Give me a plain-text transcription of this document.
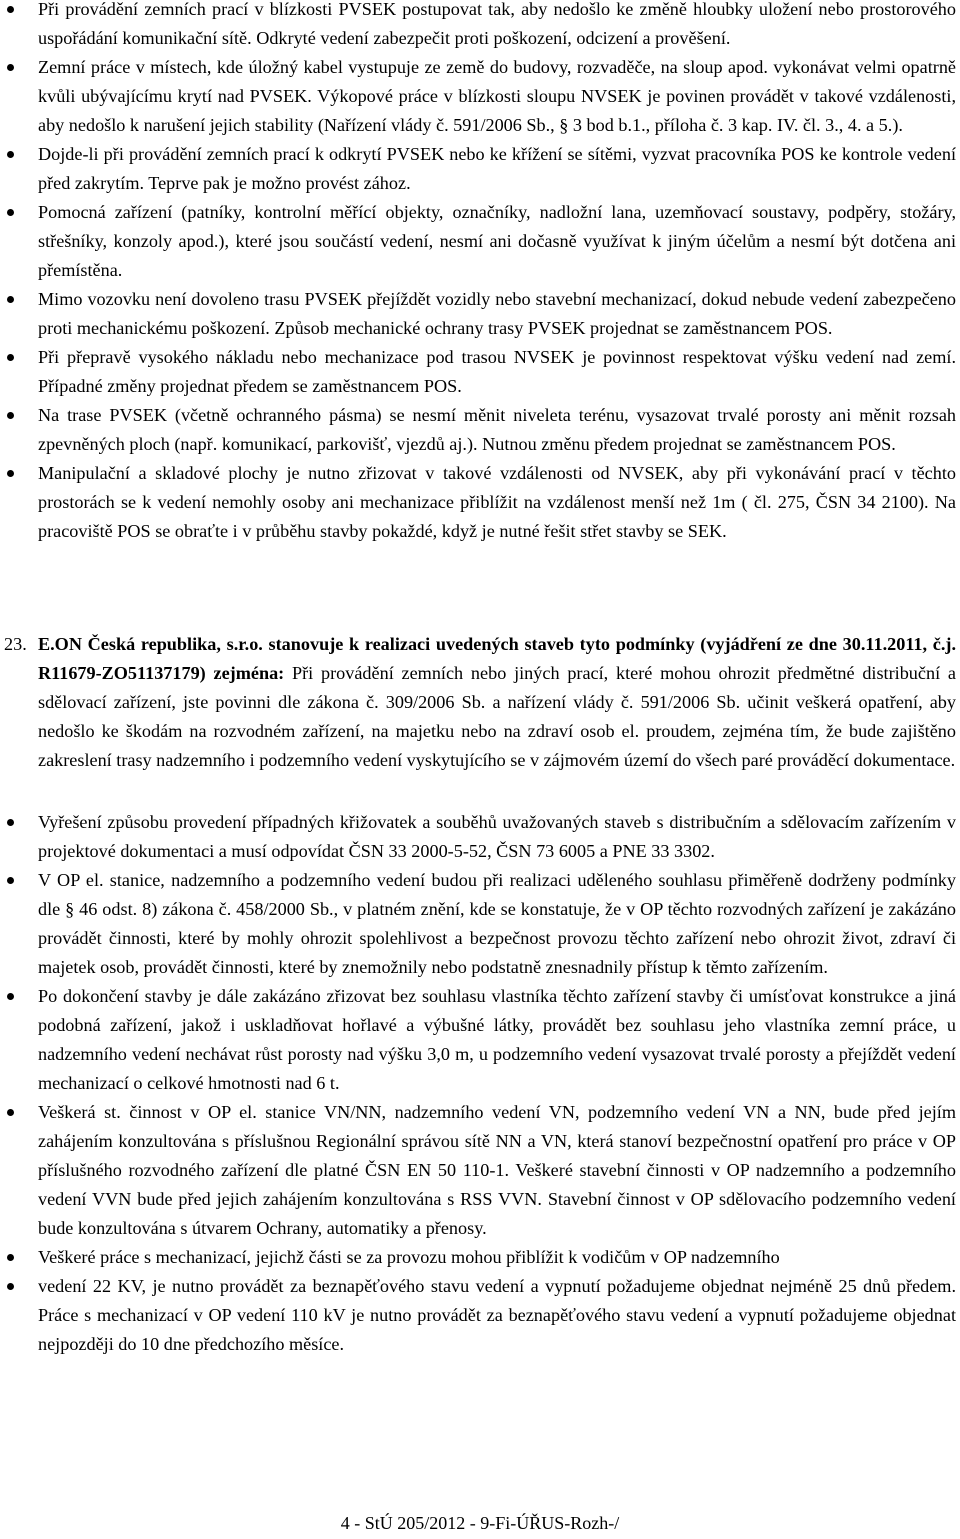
Při provádění zemních prací v blízkosti PVSEK postupovat tak, aby nedošlo ke změně hloubky uložení nebo prostorového uspořádání komunikační sítě. Odkryté vedení zabezpečit proti poškození, odcizení a prověšení.
Zemní práce v místech, kde úložný kabel vystupuje ze země do budovy, rozvaděče, na sloup apod. vykonávat velmi opatrně kvůli ubývajícímu krytí nad PVSEK. Výkopové práce v blízkosti sloupu NVSEK je povinen provádět v takové vzdálenosti, aby nedošlo k narušení jejich stability (Nařízení vlády č. 591/2006 Sb., § 3 bod b.1., příloha č. 3 kap. IV. čl. 3., 4. a 5.).
Dojde-li při provádění zemních prací k odkrytí PVSEK nebo ke křížení se sítěmi, vyzvat pracovníka POS ke kontrole vedení před zakrytím. Teprve pak je možno provést zához.
Pomocná zařízení (patníky, kontrolní měřící objekty, označníky, nadložní lana, uzemňovací soustavy, podpěry, stožáry, střešníky, konzoly apod.), které jsou součástí vedení, nesmí ani dočasně využívat k jiným účelům a nesmí být dotčena ani přemístěna.
Mimo vozovku není dovoleno trasu PVSEK přejíždět vozidly nebo stavební mechanizací, dokud nebude vedení zabezpečeno proti mechanickému poškození. Způsob mechanické ochrany trasy PVSEK projednat se zaměstnancem POS.
Při přepravě vysokého nákladu nebo mechanizace pod trasou NVSEK je povinnost respektovat výšku vedení nad zemí. Případné změny projednat předem se zaměstnancem POS.
Na trase PVSEK (včetně ochranného pásma) se nesmí měnit niveleta terénu, vysazovat trvalé porosty ani měnit rozsah zpevněných ploch (např. komunikací, parkovišť, vjezdů aj.). Nutnou změnu předem projednat se zaměstnancem POS.
Manipulační a skladové plochy je nutno zřizovat v takové vzdálenosti od NVSEK, aby při vykonávání prací v těchto prostorách se k vedení nemohly osoby ani mechanizace přiblížit na vzdálenost menší než 1m ( čl. 275, ČSN 34 2100). Na pracoviště POS se obraťte i v průběhu stavby pokaždé, když je nutné řešit střet stavby se SEK.
23. E.ON Česká republika, s.r.o. stanovuje k realizaci uvedených staveb tyto podmínky (vyjádření ze dne 30.11.2011, č.j. R11679-ZO51137179) zejména: Při provádění zemních nebo jiných prací, které mohou ohrozit předmětné distribuční a sdělovací zařízení, jste povinni dle zákona č. 309/2006 Sb. a nařízení vlády č. 591/2006 Sb. učinit veškerá opatření, aby nedošlo ke škodám na rozvodném zařízení, na majetku nebo na zdraví osob el. proudem, zejména tím, že bude zajištěno zakreslení trasy nadzemního i podzemního vedení vyskytujícího se v zájmovém území do všech paré prováděcí dokumentace.

Vyřešení způsobu provedení případných křižovatek a souběhů uvažovaných staveb s distribučním a sdělovacím zařízením v projektové dokumentaci a musí odpovídat ČSN 33 2000-5-52, ČSN 73 6005 a PNE 33 3302.
V OP el. stanice, nadzemního a podzemního vedení budou při realizaci uděleného souhlasu přiměřeně dodrženy podmínky dle § 46 odst. 8) zákona č. 458/2000 Sb., v platném znění, kde se konstatuje, že v OP těchto rozvodných zařízení je zakázáno provádět činnosti, které by mohly ohrozit spolehlivost a bezpečnost provozu těchto zařízení nebo ohrozit život, zdraví či majetek osob, provádět činnosti, které by znemožnily nebo podstatně znesnadnily přístup k těmto zařízením.
Po dokončení stavby je dále zakázáno zřizovat bez souhlasu vlastníka těchto zařízení stavby či umísťovat konstrukce a jiná podobná zařízení, jakož i uskladňovat hořlavé a výbušné látky, provádět bez souhlasu jeho vlastníka zemní práce, u nadzemního vedení nechávat růst porosty nad výšku 3,0 m, u podzemního vedení vysazovat trvalé porosty a přejíždět vedení mechanizací o celkové hmotnosti nad 6 t.
Veškerá st. činnost v OP el. stanice VN/NN, nadzemního vedení VN, podzemního vedení VN a NN, bude před jejím zahájením konzultována s příslušnou Regionální správou sítě NN a VN, která stanoví bezpečnostní opatření pro práce v OP příslušného rozvodného zařízení dle platné ČSN EN 50 110-1. Veškeré stavební činnosti v OP nadzemního a podzemního vedení VVN bude před jejich zahájením konzultována s RSS VVN. Stavební činnost v OP sdělovacího podzemního vedení bude konzultována s útvarem Ochrany, automatiky a přenosy.
Veškeré práce s mechanizací, jejichž části se za provozu mohou přiblížit k vodičům v OP nadzemního
vedení 22 KV, je nutno provádět za beznapěťového stavu vedení a vypnutí požadujeme objednat nejméně 25 dnů předem. Práce s mechanizací v OP vedení 110 kV je nutno provádět za beznapěťového stavu vedení a vypnutí požadujeme objednat nejpozději do 10 dne předchozího měsíce.
4 - StÚ 205/2012 - 9-Fi-ÚŘUS-Rozh-/
